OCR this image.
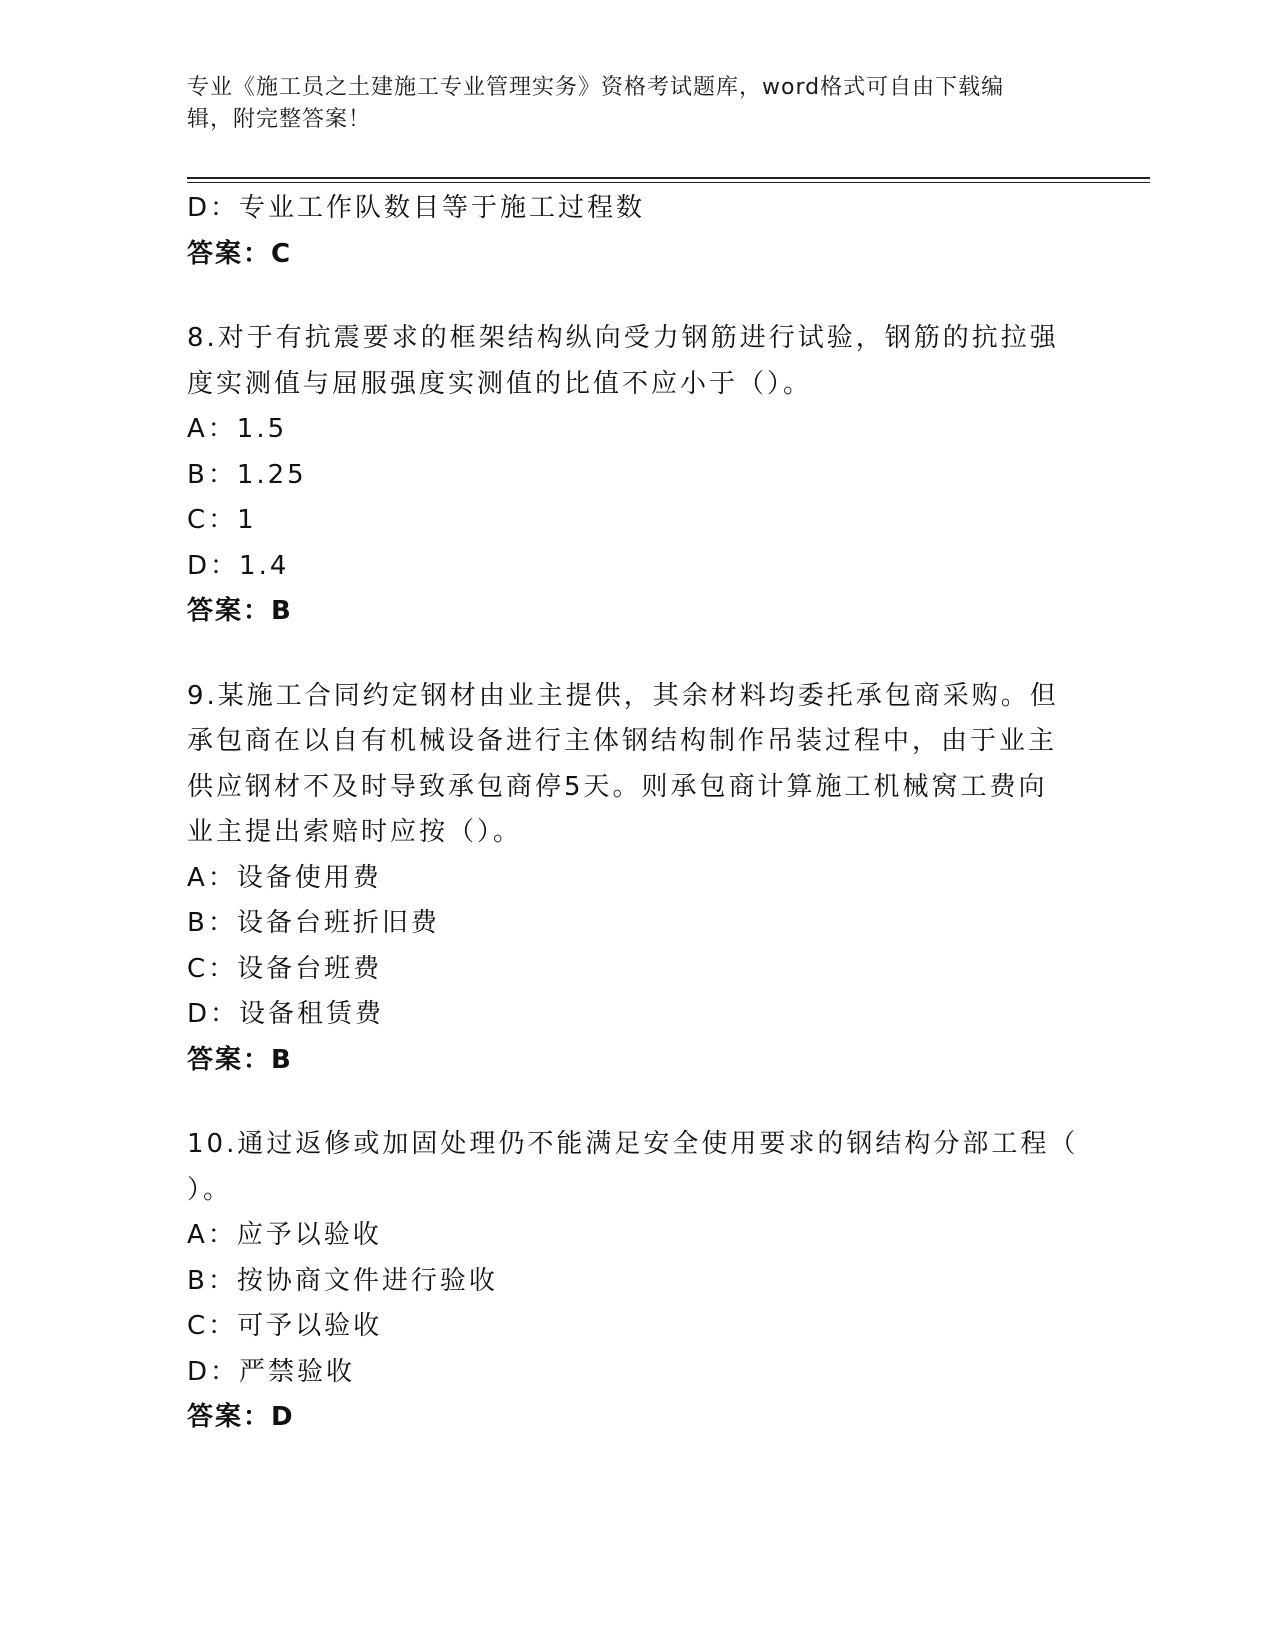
专业《施工员之土建施工专业管理实务》资格考试题库，word格式可自由下载编
辑，附完整答案！

D：专业工作队数目等于施工过程数

答案：C

8.对于有抗震要求的框架结构纵向受力钢筋进行试验，钢筋的抗拉强

度实测值与屈服强度实测值的比值不应小于（）。

A：1.5

B：1.25

C：1

D：1.4

答案：B

9.某施工合同约定钢材由业主提供，其余材料均委托承包商采购。但

承包商在以自有机械设备进行主体钢结构制作吊装过程中，由于业主

供应钢材不及时导致承包商停5天。则承包商计算施工机械窝工费向

业主提出索赔时应按（）。

A：设备使用费

B：设备台班折旧费

C：设备台班费

D：设备租赁费

答案：B

10.通过返修或加固处理仍不能满足安全使用要求的钢结构分部工程（

）。

A：应予以验收

B：按协商文件进行验收

C：可予以验收

D：严禁验收

答案：D
